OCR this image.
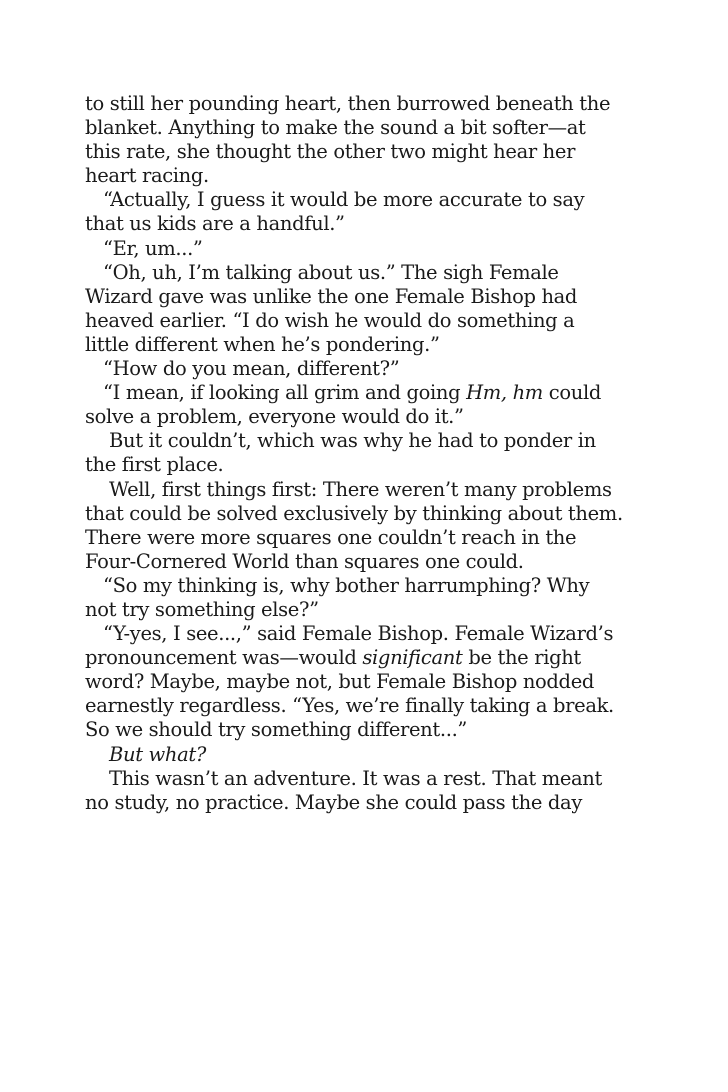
to still her pounding heart, then burrowed beneath the
blanket. Anything to make the sound a bit softer—at
this rate, she thought the other two might hear her
heart racing.
“Actually, I guess it would be more accurate to say
that us kids are a handful.”
“Er, um...”
“Oh, uh, I’m talking about us.” The sigh Female
Wizard gave was unlike the one Female Bishop had
heaved earlier. “I do wish he would do something a
little different when he’s pondering.”
“How do you mean, different?”
“I mean, if looking all grim and going Hm, hm could
solve a problem, everyone would do it.”
But it couldn’t, which was why he had to ponder in
the first place.
Well, first things first: There weren’t many problems
that could be solved exclusively by thinking about them.
There were more squares one couldn’t reach in the
Four-Cornered World than squares one could.
“So my thinking is, why bother harrumphing? Why
not try something else?”
“Y-yes, I see...,” said Female Bishop. Female Wizard’s
pronouncement was—would significant be the right
word? Maybe, maybe not, but Female Bishop nodded
earnestly regardless. “Yes, we’re finally taking a break.
So we should try something different...”
But what?
This wasn’t an adventure. It was a rest. That meant
no study, no practice. Maybe she could pass the day
